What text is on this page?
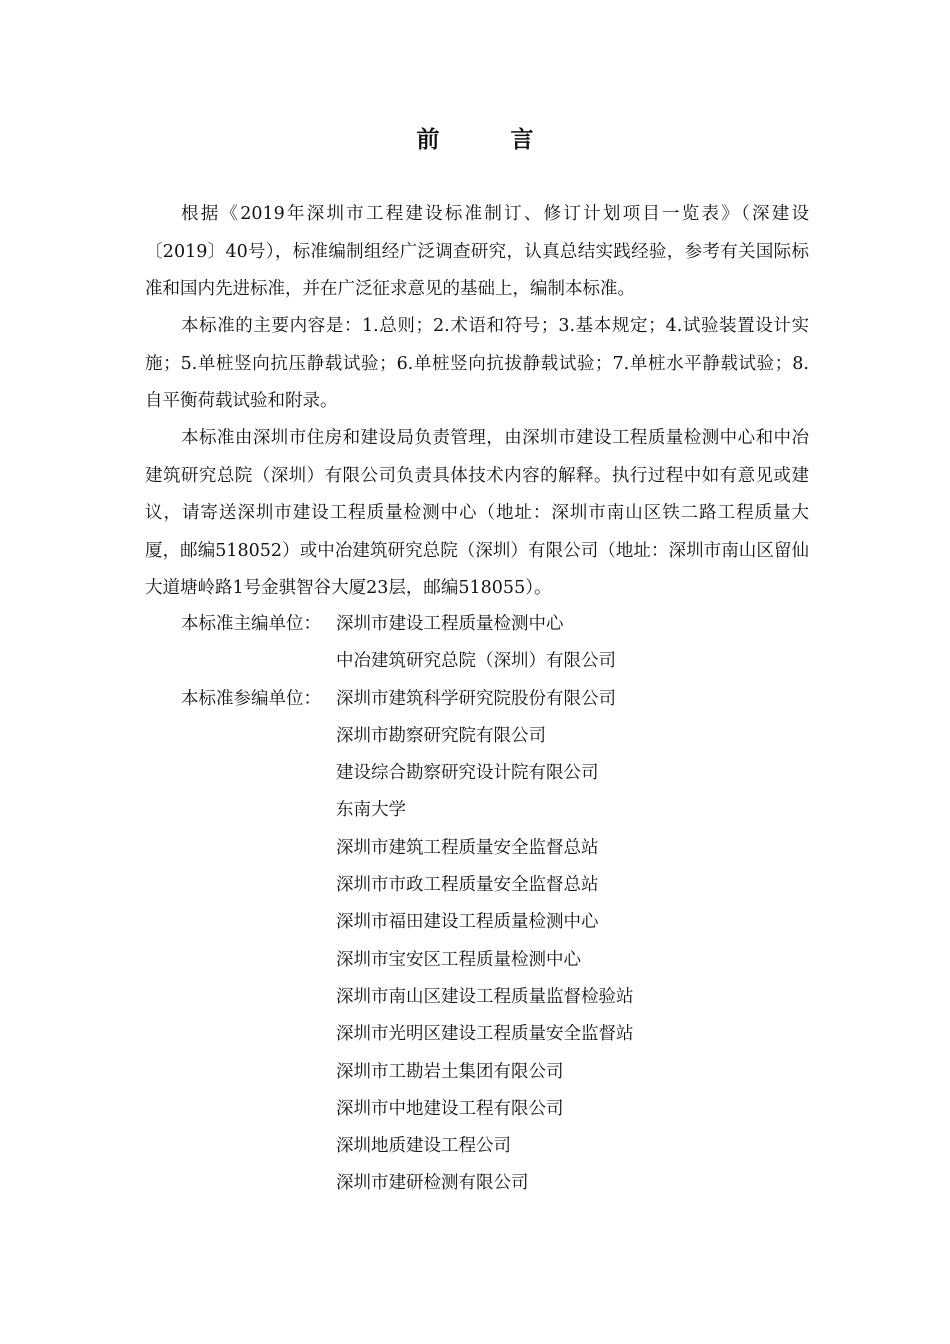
前　言

根据《2019年深圳市工程建设标准制订、修订计划项目一览表》（深建设〔2019〕40号），标准编制组经广泛调查研究，认真总结实践经验，参考有关国际标准和国内先进标准，并在广泛征求意见的基础上，编制本标准。

本标准的主要内容是：1.总则；2.术语和符号；3.基本规定；4.试验装置设计实施；5.单桩竖向抗压静载试验；6.单桩竖向抗拔静载试验；7.单桩水平静载试验；8. 自平衡荷载试验和附录。

本标准由深圳市住房和建设局负责管理，由深圳市建设工程质量检测中心和中冶建筑研究总院（深圳）有限公司负责具体技术内容的解释。执行过程中如有意见或建议，请寄送深圳市建设工程质量检测中心（地址：深圳市南山区铁二路工程质量大厦，邮编518052）或中冶建筑研究总院（深圳）有限公司（地址：深圳市南山区留仙大道塘岭路1号金骐智谷大厦23层，邮编518055）。

本标准主编单位： 深圳市建设工程质量检测中心
中冶建筑研究总院（深圳）有限公司
本标准参编单位： 深圳市建筑科学研究院股份有限公司
深圳市勘察研究院有限公司
建设综合勘察研究设计院有限公司
东南大学
深圳市建筑工程质量安全监督总站
深圳市市政工程质量安全监督总站
深圳市福田建设工程质量检测中心
深圳市宝安区工程质量检测中心
深圳市南山区建设工程质量监督检验站
深圳市光明区建设工程质量安全监督站
深圳市工勘岩土集团有限公司
深圳市中地建设工程有限公司
深圳地质建设工程公司
深圳市建研检测有限公司
